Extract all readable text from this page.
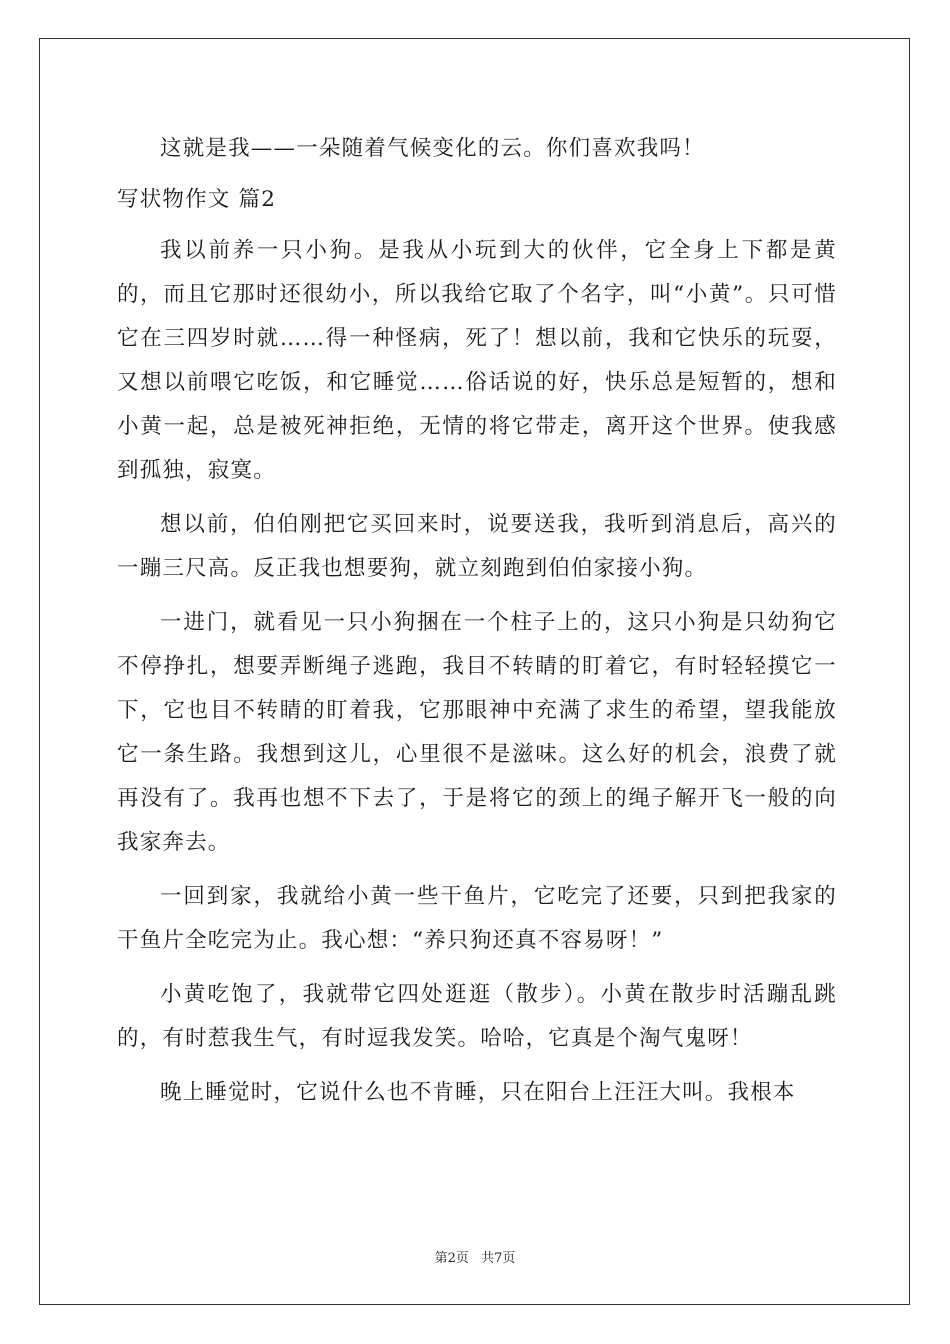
这就是我——一朵随着气候变化的云。你们喜欢我吗！

写状物作文 篇2

我以前养一只小狗。是我从小玩到大的伙伴，它全身上下都是黄的，而且它那时还很幼小，所以我给它取了个名字，叫“小黄”。只可惜它在三四岁时就……得一种怪病，死了！想以前，我和它快乐的玩耍，又想以前喂它吃饭，和它睡觉……俗话说的好，快乐总是短暂的，想和小黄一起，总是被死神拒绝，无情的将它带走，离开这个世界。使我感到孤独，寂寞。

想以前，伯伯刚把它买回来时，说要送我，我听到消息后，高兴的一蹦三尺高。反正我也想要狗，就立刻跑到伯伯家接小狗。

一进门，就看见一只小狗捆在一个柱子上的，这只小狗是只幼狗它不停挣扎，想要弄断绳子逃跑，我目不转睛的盯着它，有时轻轻摸它一下，它也目不转睛的盯着我，它那眼神中充满了求生的希望，望我能放它一条生路。我想到这儿，心里很不是滋味。这么好的机会，浪费了就再没有了。我再也想不下去了，于是将它的颈上的绳子解开飞一般的向我家奔去。

一回到家，我就给小黄一些干鱼片，它吃完了还要，只到把我家的干鱼片全吃完为止。我心想：“养只狗还真不容易呀！”

小黄吃饱了，我就带它四处逛逛（散步）。小黄在散步时活蹦乱跳的，有时惹我生气，有时逗我发笑。哈哈，它真是个淘气鬼呀！

晚上睡觉时，它说什么也不肯睡，只在阳台上汪汪大叫。我根本

第2页 共7页
